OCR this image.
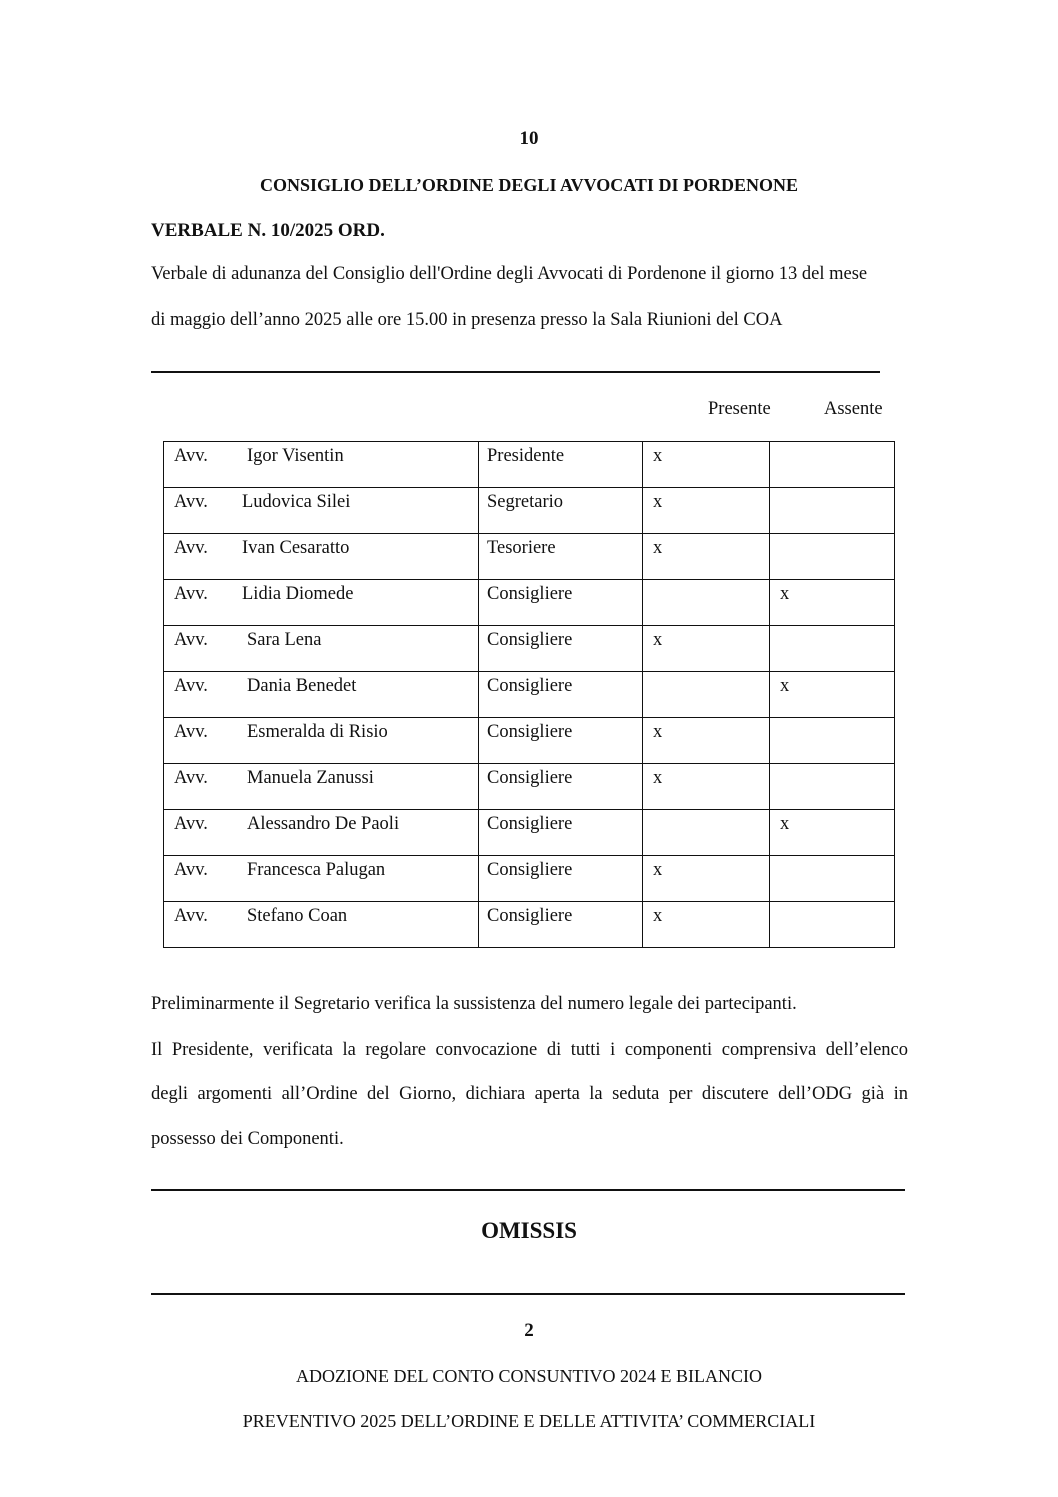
10
CONSIGLIO DELL’ORDINE DEGLI AVVOCATI DI PORDENONE
VERBALE N. 10/2025 ORD.
Verbale di adunanza del Consiglio dell'Ordine degli Avvocati di Pordenone il giorno 13 del mese
di maggio dell’anno 2025 alle ore 15.00 in presenza presso la Sala Riunioni del COA
Presente	Assente
Avv. Igor Visentin	Presidente	x	

Avv. Ludovica Silei	Segretario	x	

Avv. Ivan Cesaratto	Tesoriere	x	

Avv. Lidia Diomede	Consigliere		x

Avv. Sara Lena	Consigliere	x	

Avv. Dania Benedet	Consigliere		x

Avv. Esmeralda di Risio	Consigliere	x	

Avv. Manuela Zanussi	Consigliere	x	

Avv. Alessandro De Paoli	Consigliere		x

Avv. Francesca Palugan	Consigliere	x	

Avv. Stefano Coan	Consigliere	x	

Preliminarmente il Segretario verifica la sussistenza del numero legale dei partecipanti.
Il Presidente, verificata la regolare convocazione di tutti i componenti comprensiva dell’elenco
degli argomenti all’Ordine del Giorno, dichiara aperta la seduta per discutere dell’ODG già in
possesso dei Componenti.
OMISSIS
2
ADOZIONE DEL CONTO CONSUNTIVO 2024 E BILANCIO
PREVENTIVO 2025 DELL’ORDINE E DELLE ATTIVITA’ COMMERCIALI
